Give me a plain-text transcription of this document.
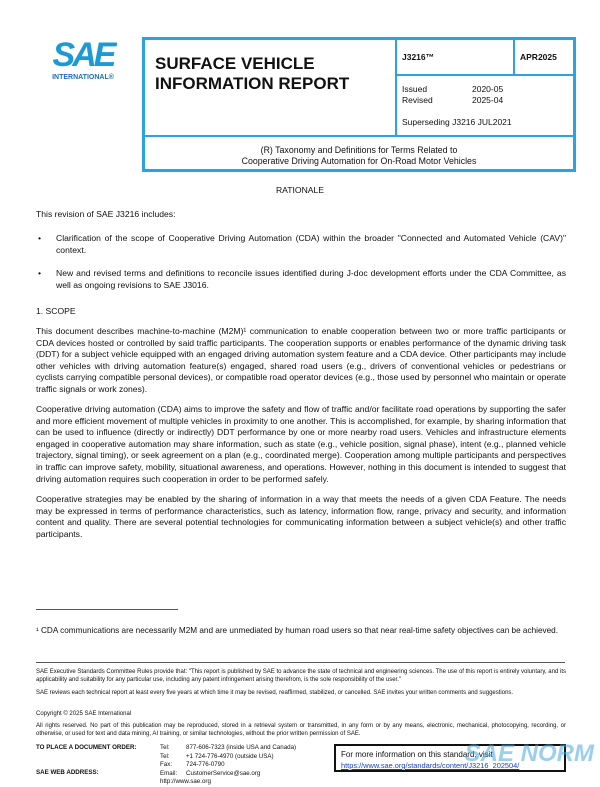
SAE
INTERNATIONAL®
SURFACE VEHICLE INFORMATION REPORT
J3216™	APR2025
Issued	2020-05
Revised	2025-04
Superseding J3216 JUL2021
(R) Taxonomy and Definitions for Terms Related to
Cooperative Driving Automation for On-Road Motor Vehicles
RATIONALE
This revision of SAE J3216 includes:
• Clarification of the scope of Cooperative Driving Automation (CDA) within the broader "Connected and Automated Vehicle (CAV)" context.
• New and revised terms and definitions to reconcile issues identified during J-doc development efforts under the CDA Committee, as well as ongoing revisions to SAE J3016.
1. SCOPE
This document describes machine-to-machine (M2M)¹ communication to enable cooperation between two or more traffic participants or CDA devices hosted or controlled by said traffic participants. The cooperation supports or enables performance of the dynamic driving task (DDT) for a subject vehicle equipped with an engaged driving automation system feature and a CDA device. Other participants may include other vehicles with driving automation feature(s) engaged, shared road users (e.g., drivers of conventional vehicles or pedestrians or cyclists carrying compatible personal devices), or compatible road operator devices (e.g., those used by personnel who maintain or operate traffic signals or work zones).
Cooperative driving automation (CDA) aims to improve the safety and flow of traffic and/or facilitate road operations by supporting the safer and more efficient movement of multiple vehicles in proximity to one another. This is accomplished, for example, by sharing information that can be used to influence (directly or indirectly) DDT performance by one or more nearby road users. Vehicles and infrastructure elements engaged in cooperative automation may share information, such as state (e.g., vehicle position, signal phase), intent (e.g., planned vehicle trajectory, signal timing), or seek agreement on a plan (e.g., coordinated merge). Cooperation among multiple participants and perspectives in traffic can improve safety, mobility, situational awareness, and operations. However, nothing in this document is intended to suggest that driving automation requires such cooperation in order to be performed safely.
Cooperative strategies may be enabled by the sharing of information in a way that meets the needs of a given CDA Feature. The needs may be expressed in terms of performance characteristics, such as latency, information flow, range, privacy and security, and information content and quality. There are several potential technologies for communicating information between a subject vehicle(s) and other traffic participants.
¹ CDA communications are necessarily M2M and are unmediated by human road users so that near real-time safety objectives can be achieved.
SAE Executive Standards Committee Rules provide that: "This report is published by SAE to advance the state of technical and engineering sciences. The use of this report is entirely voluntary, and its applicability and suitability for any particular use, including any patent infringement arising therefrom, is the sole responsibility of the user."
SAE reviews each technical report at least every five years at which time it may be revised, reaffirmed, stabilized, or cancelled. SAE invites your written comments and suggestions.
Copyright © 2025 SAE International
All rights reserved. No part of this publication may be reproduced, stored in a retrieval system or transmitted, in any form or by any means, electronic, mechanical, photocopying, recording, or otherwise, or used for text and data mining, AI training, or similar technologies, without the prior written permission of SAE.
TO PLACE A DOCUMENT ORDER:	Tel:	877-606-7323 (inside USA and Canada)
Tel:	+1 724-776-4970 (outside USA)
Fax: 724-776-0790
Email: CustomerService@sae.org
http://www.sae.org
SAE WEB ADDRESS:
For more information on this standard, visit
https://www.sae.org/standards/content/J3216_202504/
SAE NORM
